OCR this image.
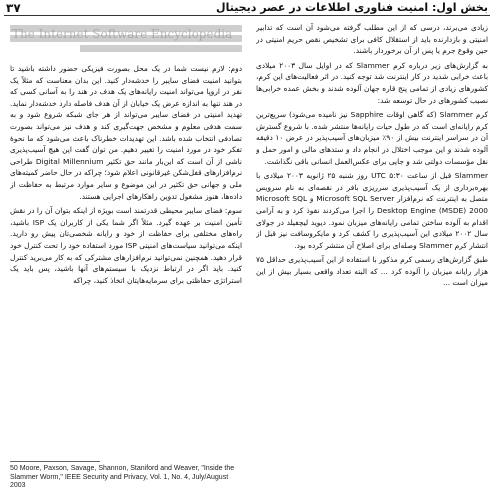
۳۷	بخش اول: امنیت فناوری اطلاعات در عصر دیجیتال

زیادی می‌برند، درسی که از این مطلب گرفته می‌شود آن است که تدابیر امنیتی و بازدارنده باید از استقلال کافی برای تشخیص نقص حریم امنیتی در حین وقوع جرم یا پس از آن برخوردار باشند.

به گزارش‌های زیر درباره کرم Slammer که در اوایل سال ۲۰۰۳ میلادی باعث خرابی شدید در کار اینترنت شد توجه کنید. در اثر فعالیت‌های این کرم، کشورهای زیادی از تمامی پنج قاره جهان آلوده شدند و بخش عمده خرابی‌ها نصیب کشورهای در حال توسعه شد:

کرم Slammer (که گاهی اوقات Sapphire نیز نامیده می‌شود) سریع‌ترین کرم رایانه‌ای است که در طول حیات رایانه‌ها منتشر شده. با شروع گسترش آن در سراسر اینترنت بیش از ۹۰٪ میزبان‌های آسیب‌پذیر در عرض ۱۰ دقیقه آلوده شدند و این موجب اختلال در انجام داد و ستدهای مالی و امور حمل و نقل مؤسسات دولتی شد و جایی برای عکس‌العمل انسانی باقی نگذاشت.

Slammer قبل از ساعت ۵:۳۰ UTC روز شنبه ۲۵ ژانویه ۲۰۰۳ میلادی با بهره‌برداری از یک آسیب‌پذیری سرریزی بافر در نقصه‌ای به نام سرویس متصل به اینترنت که نرم‌افزار Microsoft SQL Server و Microsoft SQL Desktop Engine (MSDE) 2000 را اجرا می‌کردند نفوذ کرد و به آرامی اقدام به آلوده ساختن تمامی رایانه‌های میزبان نمود. دیوید لیچفیلد در جولای سال ۲۰۰۲ میلادی این آسیب‌پذیری را کشف کرد و مایکروسافت نیز قبل از انتشار کرم Slammer وصله‌ای برای اصلاح آن منتشر کرده بود.

طبق گزارش‌های رسمی کرم مذکور با استفاده از این آسیب‌پذیری حداقل ۷۵ هزار رایانه میزبان را آلوده کرد ... که البته تعداد واقعی بسیار بیش از این میزان است ...

The Internet Software Encyclopedia

دوم: لازم نیست شما در یک محل بصورت فیزیکی حضور داشته باشید تا بتوانید امنیت فضای سایبر را خدشه‌دار کنید. این بدان معناست که مثلاً یک نفر در اروپا می‌تواند امنیت رایانه‌های یک هدف در هند را به آسانی کسی که در هند تنها به اندازه عرض یک خیابان از آن هدف فاصله دارد خدشه‌دار نماید. تهدید امنیتی در فضای سایبر می‌تواند از هر جای شبکه شروع شود و به سمت هدفی معلوم و مشخص جهت‌گیری کند و هدف نیز می‌تواند بصورت تصادفی انتخاب شده باشد. این تهدیدات خطرناک باعث می‌شود که ما نحوهٔ تفکر خود در مورد امنیت را تغییر دهیم. من توان گفت این هیچ آسیب‌پذیری ناشی از آن است که این‌بار مانند حق تکثیر Digital Millennium طراحی نرم‌افزارهای قفل‌شکن غیرقانونی اعلام شود؛ چراکه در حال حاضر کمیته‌های ملی و جهانی حق تکثیر در این موضوع و سایر موارد مرتبط به حفاظت از داده‌ها، هنوز مشغول تدوین راهکارهای اجرایی هستند.

سوم: فضای سایبر محیطی قدرتمند است بویژه از اینکه بتوان آن را در نقش تأمین امنیت بر عهده گیرد. مثلاً اگر شما یکی از کاربران یک ISP باشید، راه‌های مختلفی برای حفاظت از خود و رایانه شخصی‌تان پیش رو دارید. اینکه می‌توانید سیاست‌های امنیتی ISP مورد استفاده خود را تحت کنترل خود قرار دهید. همچنین نمی‌توانید نرم‌افزارهای مشترکی که به کار می‌برید کنترل کنید. باید اگر در ارتباط نزدیک با سیستم‌های آنها باشید، پس باید یک استراتژی حفاظتی برای سرمایه‌هایتان اتخاذ کنید، چراکه

50 Moore, Paxson, Savage, Shannon, Staniford and Weaver, "Inside the Slammer Worm," IEEE Security and Privacy, Vol. 1, No. 4, July/August 2003
